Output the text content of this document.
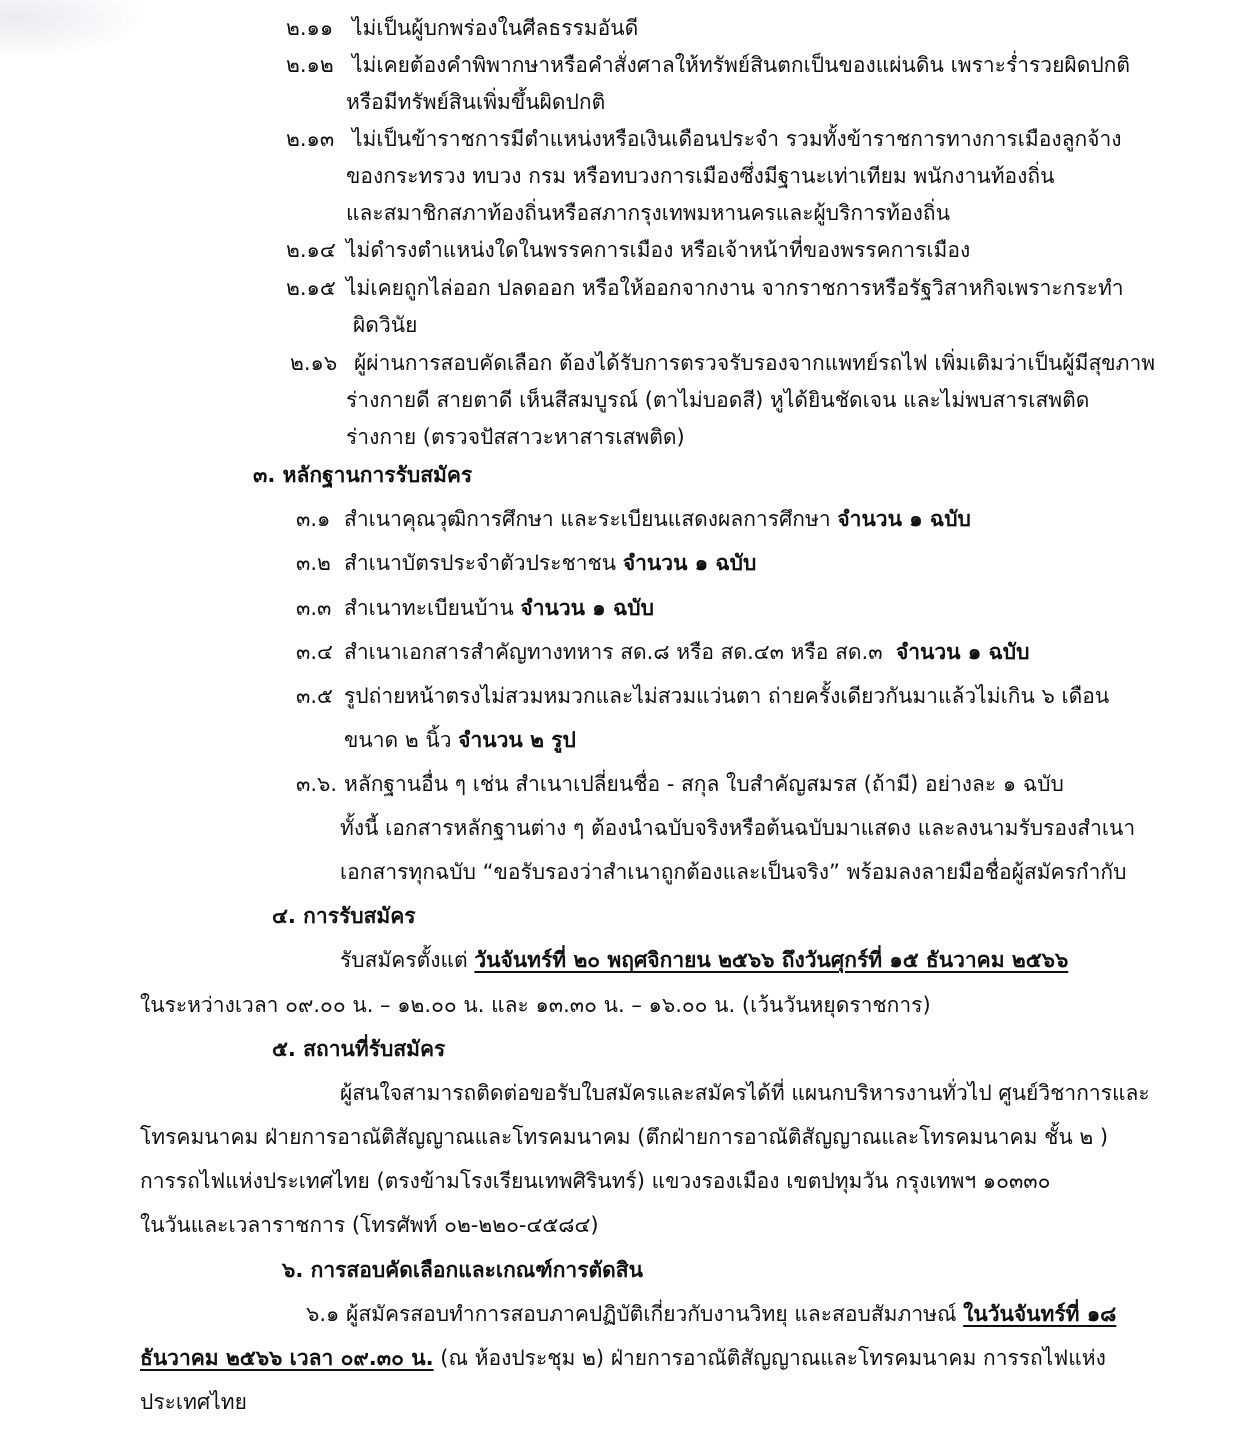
๒.๑๑ ไม่เป็นผู้บกพร่องในศีลธรรมอันดี
๒.๑๒ ไม่เคยต้องคำพิพากษาหรือคำสั่งศาลให้ทรัพย์สินตกเป็นของแผ่นดิน เพราะร่ำรวยผิดปกติ
หรือมีทรัพย์สินเพิ่มขึ้นผิดปกติ
๒.๑๓ ไม่เป็นข้าราชการมีตำแหน่งหรือเงินเดือนประจำ รวมทั้งข้าราชการทางการเมืองลูกจ้าง
ของกระทรวง ทบวง กรม หรือทบวงการเมืองซึ่งมีฐานะเท่าเทียม พนักงานท้องถิ่น
และสมาชิกสภาท้องถิ่นหรือสภากรุงเทพมหานครและผู้บริการท้องถิ่น
๒.๑๔ ไม่ดำรงตำแหน่งใดในพรรคการเมือง หรือเจ้าหน้าที่ของพรรคการเมือง
๒.๑๕ ไม่เคยถูกไล่ออก ปลดออก หรือให้ออกจากงาน จากราชการหรือรัฐวิสาหกิจเพราะกระทำ
ผิดวินัย
๒.๑๖ ผู้ผ่านการสอบคัดเลือก ต้องได้รับการตรวจรับรองจากแพทย์รถไฟ เพิ่มเติมว่าเป็นผู้มีสุขภาพ
ร่างกายดี สายตาดี เห็นสีสมบูรณ์ (ตาไม่บอดสี) หูได้ยินชัดเจน และไม่พบสารเสพติด
ร่างกาย (ตรวจปัสสาวะหาสารเสพติด)
๓. หลักฐานการรับสมัคร
๓.๑ สำเนาคุณวุฒิการศึกษา และระเบียนแสดงผลการศึกษา จำนวน ๑ ฉบับ
๓.๒ สำเนาบัตรประจำตัวประชาชน จำนวน ๑ ฉบับ
๓.๓ สำเนาทะเบียนบ้าน จำนวน ๑ ฉบับ
๓.๔ สำเนาเอกสารสำคัญทางทหาร สด.๘ หรือ สด.๔๓ หรือ สด.๓ จำนวน ๑ ฉบับ
๓.๕ รูปถ่ายหน้าตรงไม่สวมหมวกและไม่สวมแว่นตา ถ่ายครั้งเดียวกันมาแล้วไม่เกิน ๖ เดือน
ขนาด ๒ นิ้ว จำนวน ๒ รูป
๓.๖. หลักฐานอื่น ๆ เช่น สำเนาเปลี่ยนชื่อ - สกุล ใบสำคัญสมรส (ถ้ามี) อย่างละ ๑ ฉบับ
ทั้งนี้ เอกสารหลักฐานต่าง ๆ ต้องนำฉบับจริงหรือต้นฉบับมาแสดง และลงนามรับรองสำเนา
เอกสารทุกฉบับ “ขอรับรองว่าสำเนาถูกต้องและเป็นจริง” พร้อมลงลายมือชื่อผู้สมัครกำกับ
๔. การรับสมัคร
รับสมัครตั้งแต่ วันจันทร์ที่ ๒๐ พฤศจิกายน ๒๕๖๖ ถึงวันศุกร์ที่ ๑๕ ธันวาคม ๒๕๖๖
ในระหว่างเวลา ๐๙.๐๐ น. – ๑๒.๐๐ น. และ ๑๓.๓๐ น. – ๑๖.๐๐ น. (เว้นวันหยุดราชการ)
๕. สถานที่รับสมัคร
ผู้สนใจสามารถติดต่อขอรับใบสมัครและสมัครได้ที่ แผนกบริหารงานทั่วไป ศูนย์วิชาการและ
โทรคมนาคม ฝ่ายการอาณัติสัญญาณและโทรคมนาคม (ตึกฝ่ายการอาณัติสัญญาณและโทรคมนาคม ชั้น ๒ )
การรถไฟแห่งประเทศไทย (ตรงข้ามโรงเรียนเทพศิรินทร์) แขวงรองเมือง เขตปทุมวัน กรุงเทพฯ ๑๐๓๓๐
ในวันและเวลาราชการ (โทรศัพท์ ๐๒-๒๒๐-๔๕๘๔)
๖. การสอบคัดเลือกและเกณฑ์การตัดสิน
๖.๑ ผู้สมัครสอบทำการสอบภาคปฏิบัติเกี่ยวกับงานวิทยุ และสอบสัมภาษณ์ ในวันจันทร์ที่ ๑๘
ธันวาคม ๒๕๖๖ เวลา ๐๙.๓๐ น. (ณ ห้องประชุม ๒) ฝ่ายการอาณัติสัญญาณและโทรคมนาคม การรถไฟแห่ง
ประเทศไทย
